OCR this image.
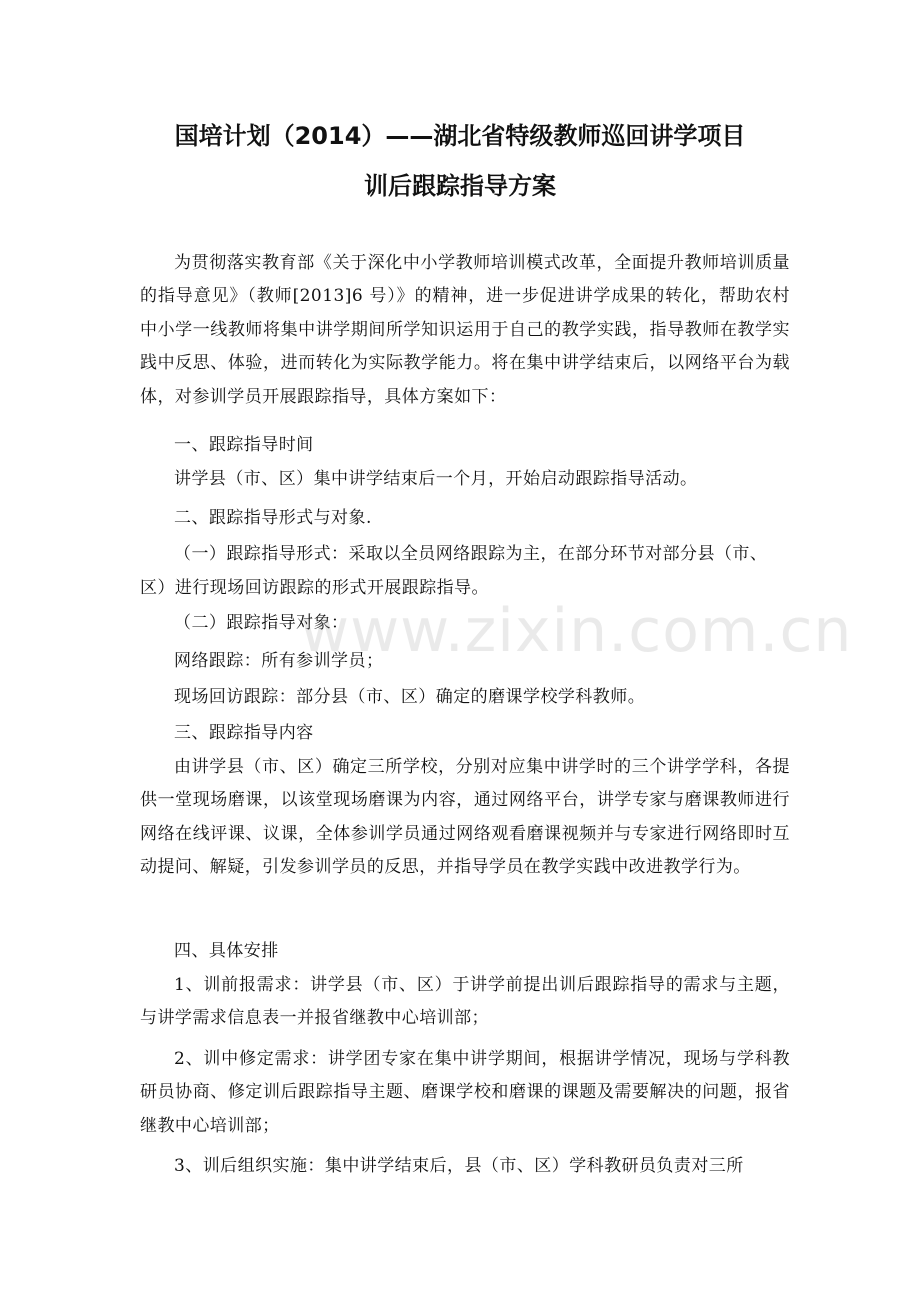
国培计划（2014）——湖北省特级教师巡回讲学项目
训后跟踪指导方案
为贯彻落实教育部《关于深化中小学教师培训模式改革，全面提升教师培训质量的指导意见》（教师[2013]6 号）》的精神，进一步促进讲学成果的转化，帮助农村中小学一线教师将集中讲学期间所学知识运用于自己的教学实践，指导教师在教学实践中反思、体验，进而转化为实际教学能力。将在集中讲学结束后，以网络平台为载体，对参训学员开展跟踪指导，具体方案如下：
一、跟踪指导时间
讲学县（市、区）集中讲学结束后一个月，开始启动跟踪指导活动。
二、跟踪指导形式与对象.
（一）跟踪指导形式：采取以全员网络跟踪为主，在部分环节对部分县（市、
区）进行现场回访跟踪的形式开展跟踪指导。
（二）跟踪指导对象：
网络跟踪：所有参训学员；
现场回访跟踪：部分县（市、区）确定的磨课学校学科教师。
三、跟踪指导内容
由讲学县（市、区）确定三所学校，分别对应集中讲学时的三个讲学学科，各提供一堂现场磨课，以该堂现场磨课为内容，通过网络平台，讲学专家与磨课教师进行网络在线评课、议课，全体参训学员通过网络观看磨课视频并与专家进行网络即时互动提问、解疑，引发参训学员的反思，并指导学员在教学实践中改进教学行为。
四、具体安排
1、训前报需求：讲学县（市、区）于讲学前提出训后跟踪指导的需求与主题，与讲学需求信息表一并报省继教中心培训部；
2、训中修定需求：讲学团专家在集中讲学期间，根据讲学情况，现场与学科教研员协商、修定训后跟踪指导主题、磨课学校和磨课的课题及需要解决的问题，报省继教中心培训部；
3、训后组织实施：集中讲学结束后，县（市、区）学科教研员负责对三所
www.zixin.com.cn
